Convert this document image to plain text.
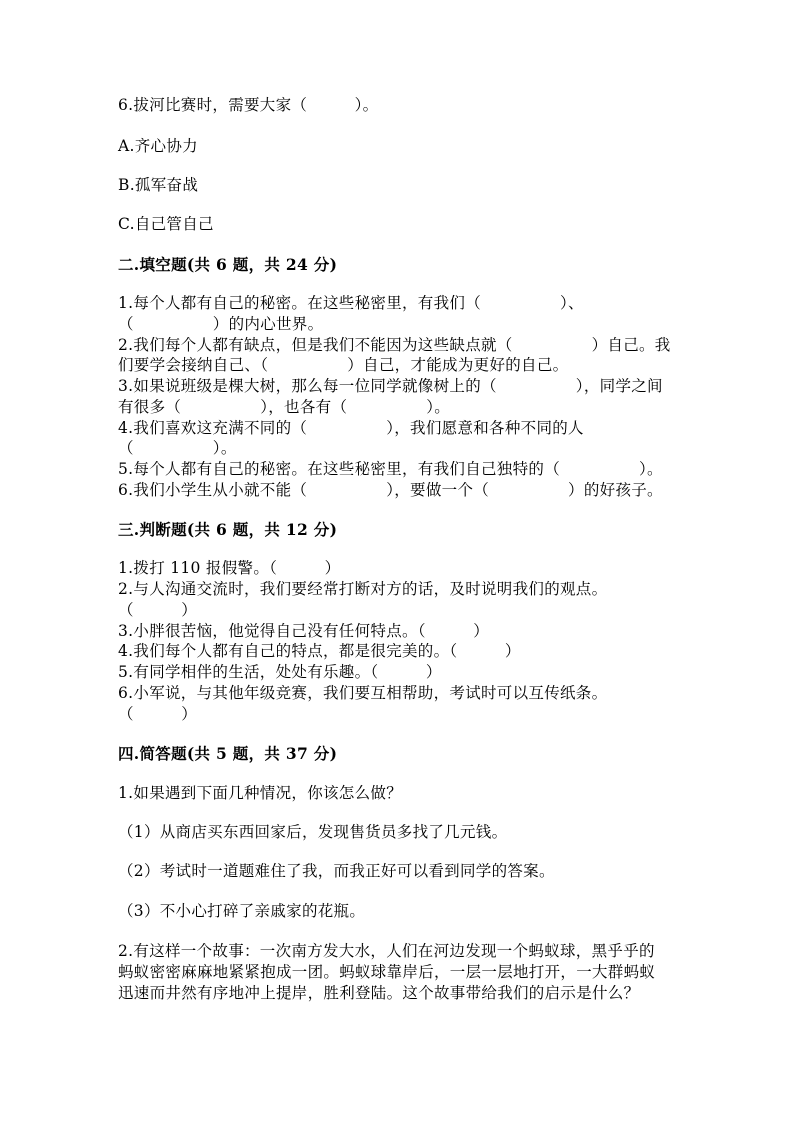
6.拔河比赛时，需要大家（　　　）。
A.齐心协力
B.孤军奋战
C.自己管自己
二.填空题(共 6 题，共 24 分)
1.每个人都有自己的秘密。在这些秘密里，有我们（　　　　　）、
（　　　　　）的内心世界。
2.我们每个人都有缺点，但是我们不能因为这些缺点就（　　　　　）自己。我
们要学会接纳自己、（　　　　　）自己，才能成为更好的自己。
3.如果说班级是棵大树，那么每一位同学就像树上的（　　　　　），同学之间
有很多（　　　　　），也各有（　　　　　）。
4.我们喜欢这充满不同的（　　　　　），我们愿意和各种不同的人
（　　　　　）。
5.每个人都有自己的秘密。在这些秘密里，有我们自己独特的（　　　　　）。
6.我们小学生从小就不能（　　　　　），要做一个（　　　　　）的好孩子。
三.判断题(共 6 题，共 12 分)
1.拨打 110 报假警。（　　　）
2.与人沟通交流时，我们要经常打断对方的话，及时说明我们的观点。
（　　　）
3.小胖很苦恼，他觉得自己没有任何特点。（　　　）
4.我们每个人都有自己的特点，都是很完美的。（　　　）
5.有同学相伴的生活，处处有乐趣。（　　　）
6.小军说，与其他年级竞赛，我们要互相帮助，考试时可以互传纸条。
（　　　）
四.简答题(共 5 题，共 37 分)
1.如果遇到下面几种情况，你该怎么做？
（1）从商店买东西回家后，发现售货员多找了几元钱。
（2）考试时一道题难住了我，而我正好可以看到同学的答案。
（3）不小心打碎了亲戚家的花瓶。
2.有这样一个故事：一次南方发大水，人们在河边发现一个蚂蚁球，黑乎乎的
蚂蚁密密麻麻地紧紧抱成一团。蚂蚁球靠岸后，一层一层地打开，一大群蚂蚁
迅速而井然有序地冲上提岸，胜利登陆。这个故事带给我们的启示是什么？
